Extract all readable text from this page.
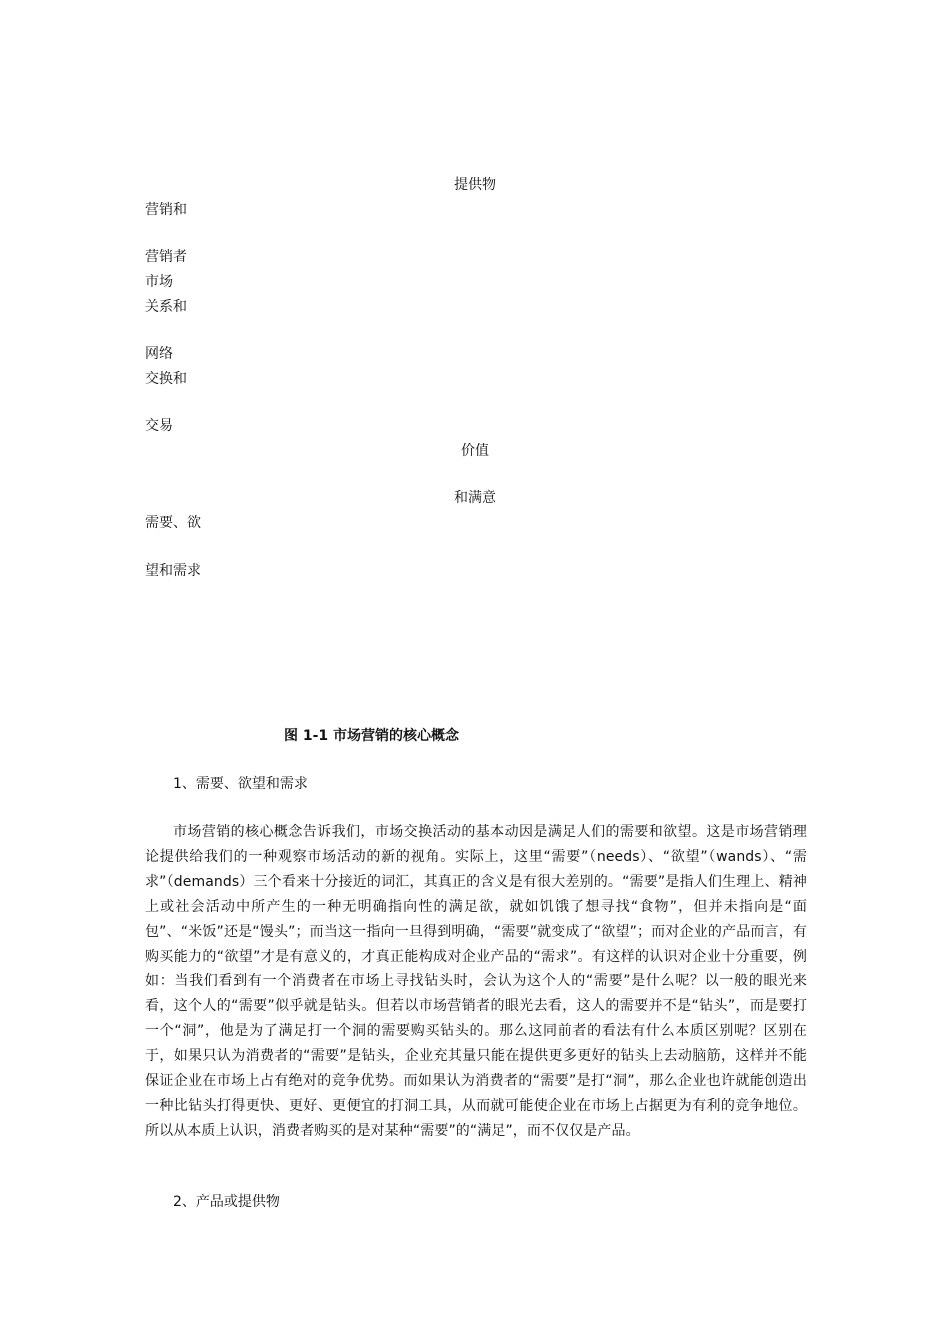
提供物
营销和
营销者
市场
关系和
网络
交换和
交易
价值
和满意
需要、欲
望和需求
图 1-1 市场营销的核心概念
1、需要、欲望和需求

市场营销的核心概念告诉我们，市场交换活动的基本动因是满足人们的需要和欲望。这是市场营销理论提供给我们的一种观察市场活动的新的视角。实际上，这里“需要”（needs）、“欲望”（wands）、“需求”（demands）三个看来十分接近的词汇，其真正的含义是有很大差别的。“需要”是指人们生理上、精神上或社会活动中所产生的一种无明确指向性的满足欲，就如饥饿了想寻找“食物”，但并未指向是“面包”、“米饭”还是“馒头”；而当这一指向一旦得到明确，“需要”就变成了“欲望”；而对企业的产品而言，有购买能力的“欲望”才是有意义的，才真正能构成对企业产品的“需求”。有这样的认识对企业十分重要，例如：当我们看到有一个消费者在市场上寻找钻头时，会认为这个人的“需要”是什么呢？以一般的眼光来看，这个人的“需要”似乎就是钻头。但若以市场营销者的眼光去看，这人的需要并不是“钻头”，而是要打一个“洞”，他是为了满足打一个洞的需要购买钻头的。那么这同前者的看法有什么本质区别呢？区别在于，如果只认为消费者的“需要”是钻头，企业充其量只能在提供更多更好的钻头上去动脑筋，这样并不能保证企业在市场上占有绝对的竞争优势。而如果认为消费者的“需要”是打“洞”，那么企业也许就能创造出一种比钻头打得更快、更好、更便宜的打洞工具，从而就可能使企业在市场上占据更为有利的竞争地位。所以从本质上认识，消费者购买的是对某种“需要”的“满足”，而不仅仅是产品。

2、产品或提供物
